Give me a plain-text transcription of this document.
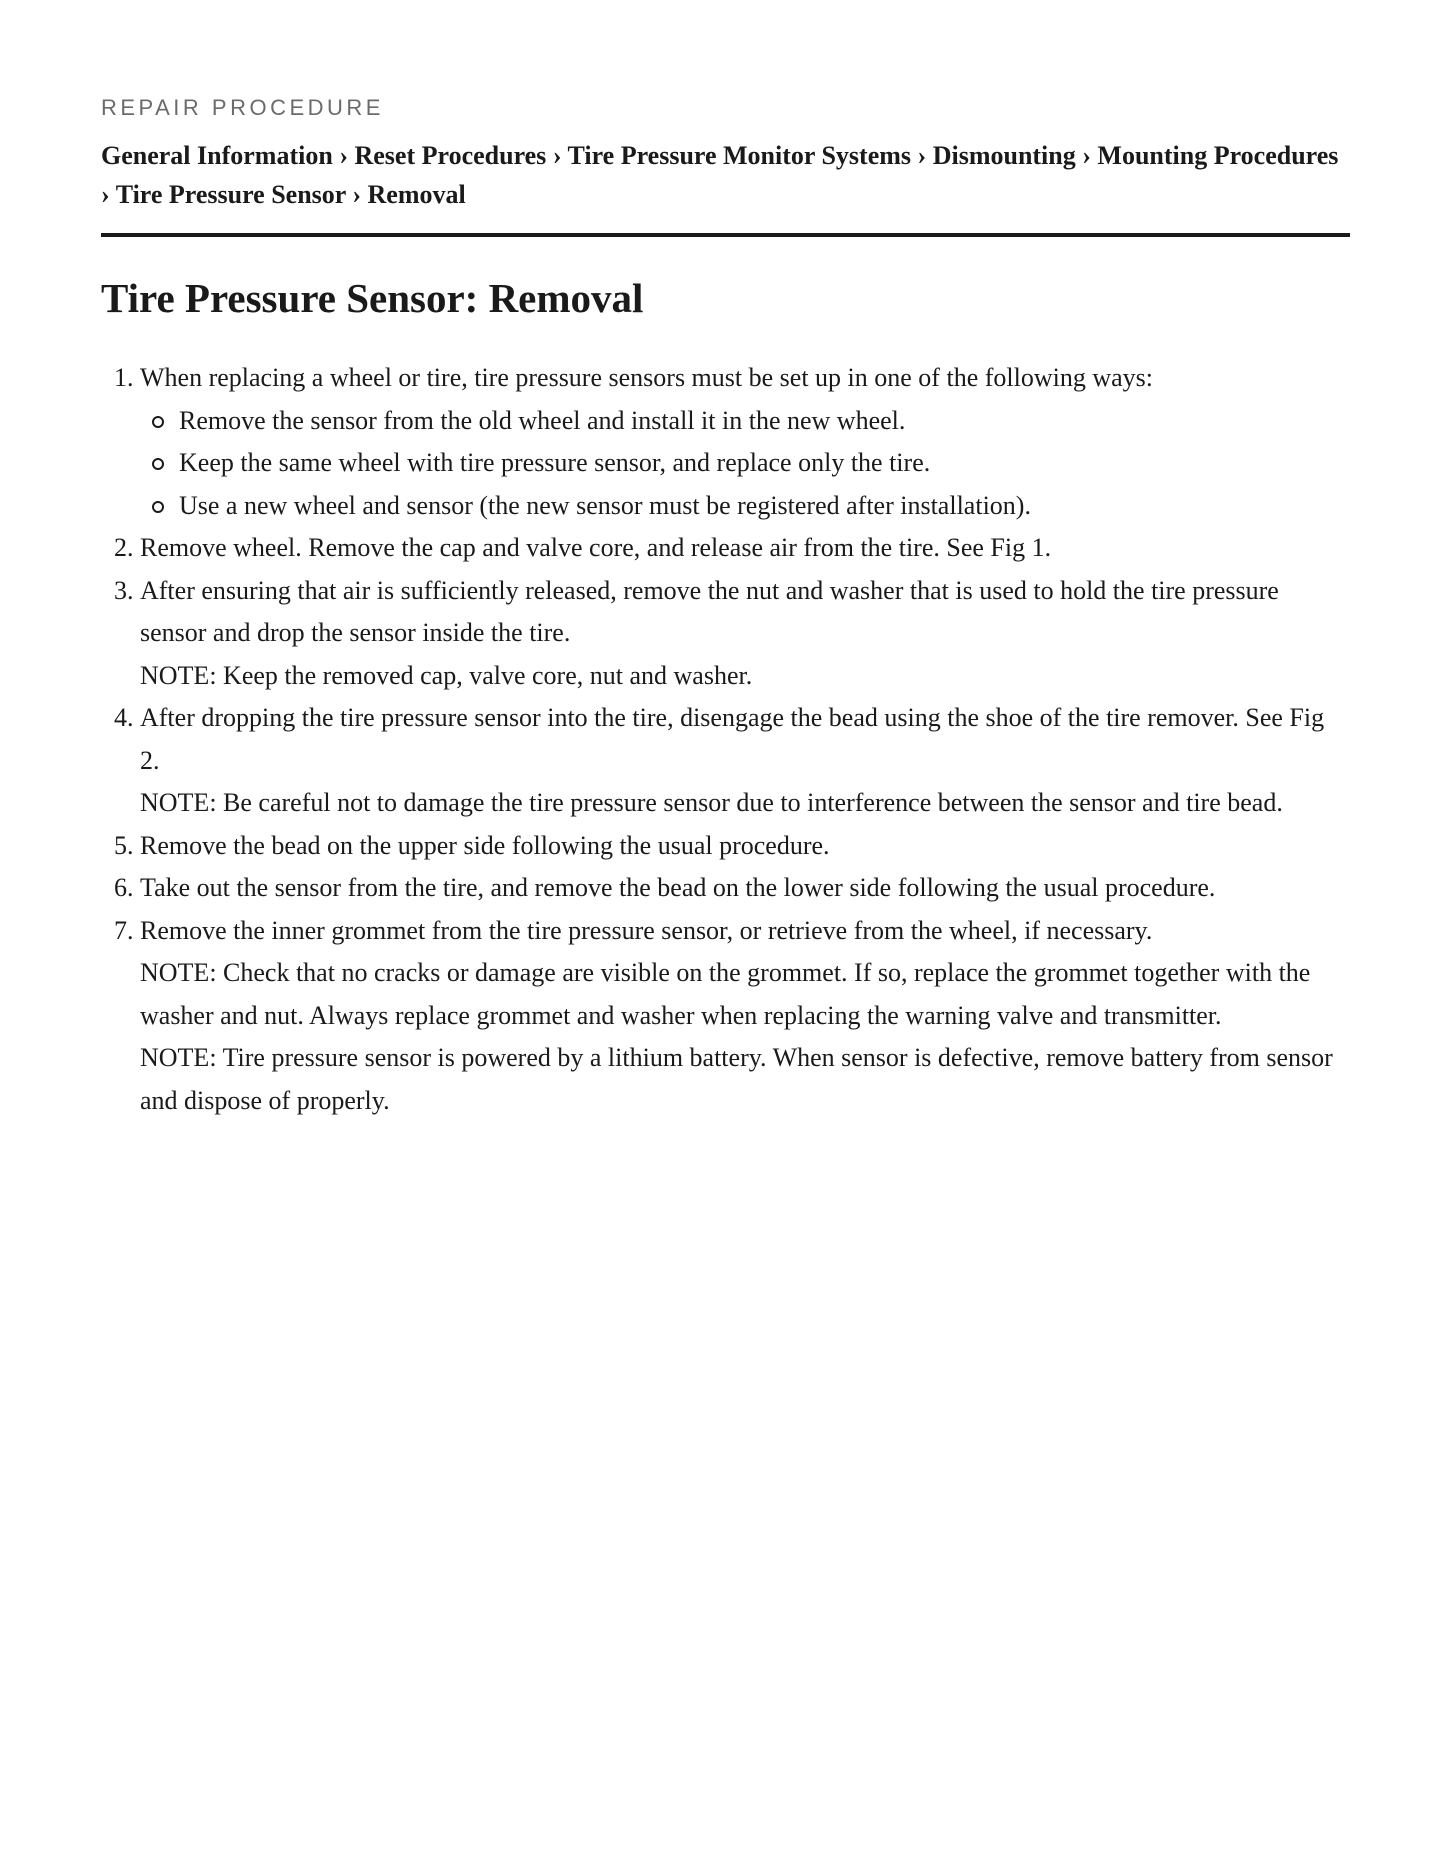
REPAIR PROCEDURE

General Information › Reset Procedures › Tire Pressure Monitor Systems › Dismounting › Mounting Procedures › Tire Pressure Sensor › Removal
Tire Pressure Sensor: Removal
1. When replacing a wheel or tire, tire pressure sensors must be set up in one of the following ways:
Remove the sensor from the old wheel and install it in the new wheel.
Keep the same wheel with tire pressure sensor, and replace only the tire.
Use a new wheel and sensor (the new sensor must be registered after installation).
2. Remove wheel. Remove the cap and valve core, and release air from the tire. See Fig 1.
3. After ensuring that air is sufficiently released, remove the nut and washer that is used to hold the tire pressure sensor and drop the sensor inside the tire.
NOTE: Keep the removed cap, valve core, nut and washer.
4. After dropping the tire pressure sensor into the tire, disengage the bead using the shoe of the tire remover. See Fig 2.
NOTE: Be careful not to damage the tire pressure sensor due to interference between the sensor and tire bead.
5. Remove the bead on the upper side following the usual procedure.
6. Take out the sensor from the tire, and remove the bead on the lower side following the usual procedure.
7. Remove the inner grommet from the tire pressure sensor, or retrieve from the wheel, if necessary.
NOTE: Check that no cracks or damage are visible on the grommet. If so, replace the grommet together with the washer and nut. Always replace grommet and washer when replacing the warning valve and transmitter.
NOTE: Tire pressure sensor is powered by a lithium battery. When sensor is defective, remove battery from sensor and dispose of properly.
